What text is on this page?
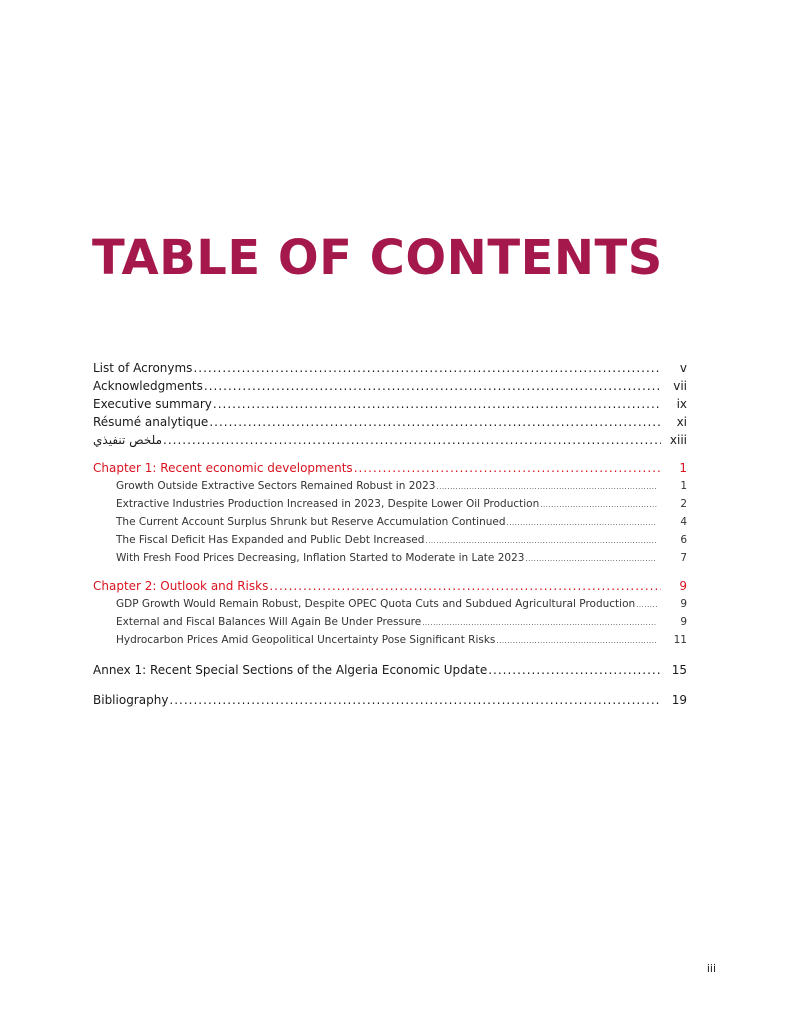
TABLE OF CONTENTS
List of Acronyms .....	v
Acknowledgments .....	vii
Executive summary .....	ix
Résumé analytique .....	xi
ملخص تنفيذي .....	xiii
Chapter 1: Recent economic developments .....	1
Growth Outside Extractive Sectors Remained Robust in 2023 .....	1
Extractive Industries Production Increased in 2023, Despite Lower Oil Production .....	2
The Current Account Surplus Shrunk but Reserve Accumulation Continued .....	4
The Fiscal Deficit Has Expanded and Public Debt Increased .....	6
With Fresh Food Prices Decreasing, Inflation Started to Moderate in Late 2023 .....	7
Chapter 2: Outlook and Risks .....	9
GDP Growth Would Remain Robust, Despite OPEC Quota Cuts and Subdued Agricultural Production .....	9
External and Fiscal Balances Will Again Be Under Pressure .....	9
Hydrocarbon Prices Amid Geopolitical Uncertainty Pose Significant Risks .....	11
Annex 1: Recent Special Sections of the Algeria Economic Update .....	15
Bibliography .....	19
iii
